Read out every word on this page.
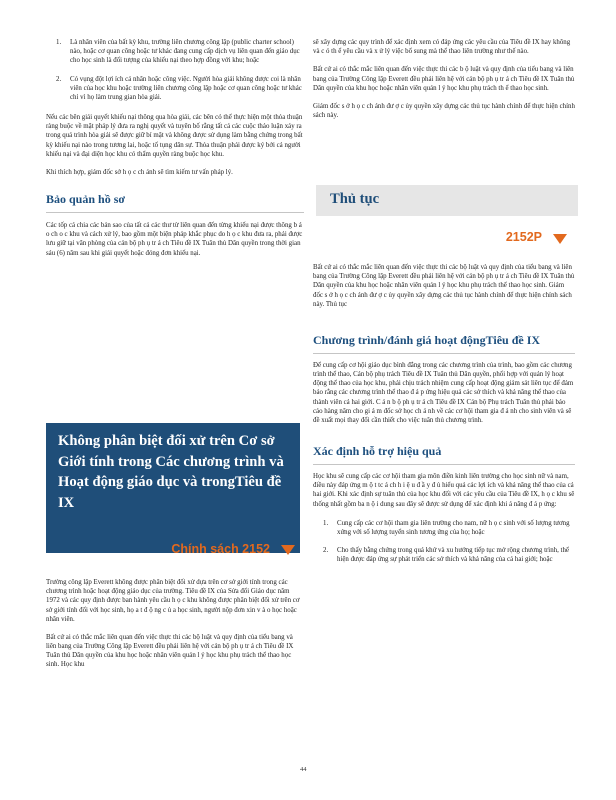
1. Là nhân viên của bất kỳ khu, trường liên chương công lập (public charter school) nào, hoặc cơ quan công hoặc tư khác đang cung cấp dịch vụ liên quan đến giáo dục cho học sinh là đối tượng của khiếu nại theo hợp đồng với khu; hoặc

2. Có vụng đột lợi ích cá nhân hoặc công việc. Người hòa giải không được coi là nhân viên của học khu hoặc trường liên chương công lập hoặc cơ quan công hoặc tư khác chỉ vì họ làm trung gian hòa giải.

Nếu các bên giải quyết khiếu nại thông qua hòa giải, các bên có thể thực hiện một thỏa thuận ràng buộc về mặt pháp lý đưa ra nghị quyết và tuyên bố rằng tất cả các cuộc thảo luận xảy ra trong quá trình hòa giải sẽ được giữ bí mật và không được sử dụng làm bằng chứng trong bất kỳ khiếu nại nào trong tương lai, hoặc tố tụng dân sự. Thỏa thuận phải được ký bởi cả người khiếu nại và đại diện học khu có thẩm quyền ràng buộc học khu.

Khi thích hợp, giám đốc sở h ọ c ch ánh sẽ tìm kiếm tư vấn pháp lý.

Bảo quản hồ sơ

Các tốp cá chia các bản sao của tất cả các thư từ liên quan đến từng khiếu nại được thông b á o ch o c khu và cách xử lý, bao gồm một biện pháp khắc phục do h ọ c khu đưa ra, phải được lưu giữ tại văn phòng của cán bộ ph ụ tr á ch Tiêu đề IX Tuân thủ Dân quyền trong thời gian sáu (6) năm sau khi giải quyết hoặc đóng đơn khiếu nại.

Không phân biệt đối xử trên Cơ sở Giới tính trong Các chương trình và Hoạt động giáo dục và trongTiêu đề IX
Chính sách 2152

Trường công lập Everett không được phân biệt đối xử dựa trên cơ sở giới tính trong các chương trình hoặc hoạt động giáo dục của trường. Tiêu đề IX của Sửa đổi Giáo dục năm 1972 và các quy định được ban hành yêu cầu h ọ c khu không được phân biệt đối xử trên cơ sở giới tính đối với học sinh, họ a t đ ộ ng c ủ a học sinh, người nộp đơn xin v à o học hoặc nhân viên.

Bất cứ ai có thắc mắc liên quan đến việc thực thi các bộ luật và quy định của tiểu bang và liên bang của Trường Công lập Everett đều phải liên hệ với cán bộ ph ụ tr á ch Tiêu đề IX Tuân thủ Dân quyền của khu học hoặc nhân viên quản l ý học khu phụ trách thể thao học sinh. Học khu

sẽ xây dựng các quy trình để xác định xem có đáp ứng các yêu cầu của Tiêu đề IX hay không và c ó th ể yêu cầu và x ử lý việc bổ sung mà thể thao liên trường như thế nào.

Bất cứ ai có thắc mắc liên quan đến việc thực thi các b ộ luật và quy định của tiểu bang và liên bang của Trường Công lập Everett đều phải liên hệ với cán bộ ph ụ tr á ch Tiêu đề IX Tuân thủ Dân quyền của khu học hoặc nhân viên quản l ý học khu phụ trách th ể thao học sinh.

Giám đốc s ở h ọ c ch ánh đư ợ c ủy quyền xây dựng các thủ tục hành chính để thực hiện chính sách này.

Thủ tục
2152P

Bất cứ ai có thắc mắc liên quan đến việc thực thi các bộ luật và quy định của tiểu bang và liên bang của Trường Công lập Everett đều phải liên hệ với cán bộ ph ụ tr á ch Tiêu đề IX Tuân thủ Dân quyền của khu học hoặc nhân viên quản l ý học khu phụ trách thể thao học sinh. Giám đốc s ở h ọ c ch ánh đư ợ c ủy quyền xây dựng các thủ tục hành chính để thực hiện chính sách này. Thủ tục

Chương trình/đánh giá hoạt độngTiêu đề IX

Để cung cấp cơ hội giáo dục bình đẳng trong các chương trình của trình, bao gồm các chương trình thể thao, Cán bộ phụ trách Tiêu đề IX Tuân thủ Dân quyền, phối hợp với quản lý hoạt động thể thao của học khu, phải chịu trách nhiệm cung cấp hoạt động giám sát liên tục để đảm bảo rằng các chương trình thể thao đ á p ứng hiệu quả các sở thích và khả năng thể thao của thành viên cả hai giới. C á n b ộ ph ụ tr á ch Tiêu đề IX Cán bộ Phụ trách Tuân thủ phải báo cáo hàng năm cho gi á m đốc sở học ch á nh về các cơ hội tham gia đ á nh cho sinh viên và sẽ đề xuất mọi thay đổi cần thiết cho việc tuân thủ chương trình.

Xác định hỗ trợ hiệu quả

Học khu sẽ cung cấp các cơ hội tham gia môn điền kinh liên trường cho học sinh nữ và nam, điều này đáp ứng m ộ t tc á ch h i ệ u đ ầ y đ ủ hiểu quả các lợi ích và khả năng thể thao của cả hai giới. Khi xác định sự tuân thủ của học khu đối với các yêu cầu của Tiêu đề IX, h ọ c khu sẽ thống nhất gồm ba n ộ i dung sau đây sẽ được sử dụng để xác định khi á năng đ á p ứng:

1. Cung cấp các cơ hội tham gia liên trường cho nam, nữ h ọ c sinh với số lượng tương xứng với số lượng tuyển sinh tương ứng của họ; hoặc

2. Cho thấy bằng chứng trong quá khứ và xu hướng tiếp tục mở rộng chương trình, thể hiện được đáp ứng sự phát triển các sở thích và khả năng của cả hai giới; hoặc

44
